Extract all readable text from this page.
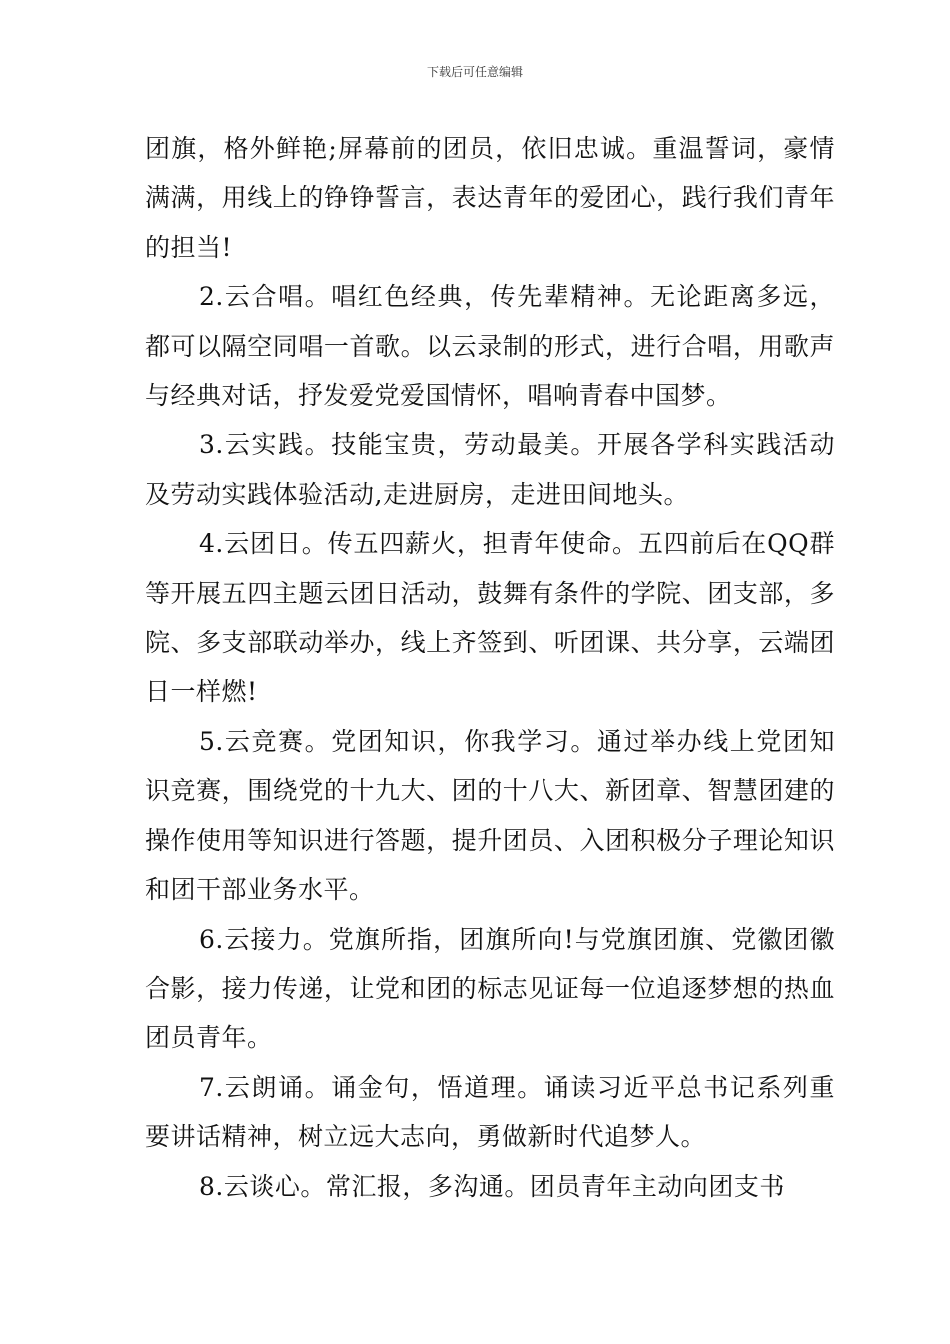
下载后可任意编辑

团旗，格外鲜艳;屏幕前的团员，依旧忠诚。重温誓词，豪情满满，用线上的铮铮誓言，表达青年的爱团心，践行我们青年的担当!

2.云合唱。唱红色经典，传先辈精神。无论距离多远，都可以隔空同唱一首歌。以云录制的形式，进行合唱，用歌声与经典对话，抒发爱党爱国情怀，唱响青春中国梦。

3.云实践。技能宝贵，劳动最美。开展各学科实践活动及劳动实践体验活动,走进厨房，走进田间地头。

4.云团日。传五四薪火，担青年使命。五四前后在QQ群等开展五四主题云团日活动，鼓舞有条件的学院、团支部，多院、多支部联动举办，线上齐签到、听团课、共分享，云端团日一样燃!

5.云竞赛。党团知识，你我学习。通过举办线上党团知识竞赛，围绕党的十九大、团的十八大、新团章、智慧团建的操作使用等知识进行答题，提升团员、入团积极分子理论知识和团干部业务水平。

6.云接力。党旗所指，团旗所向!与党旗团旗、党徽团徽合影，接力传递，让党和团的标志见证每一位追逐梦想的热血团员青年。

7.云朗诵。诵金句，悟道理。诵读习近平总书记系列重要讲话精神，树立远大志向，勇做新时代追梦人。

8.云谈心。常汇报，多沟通。团员青年主动向团支书
